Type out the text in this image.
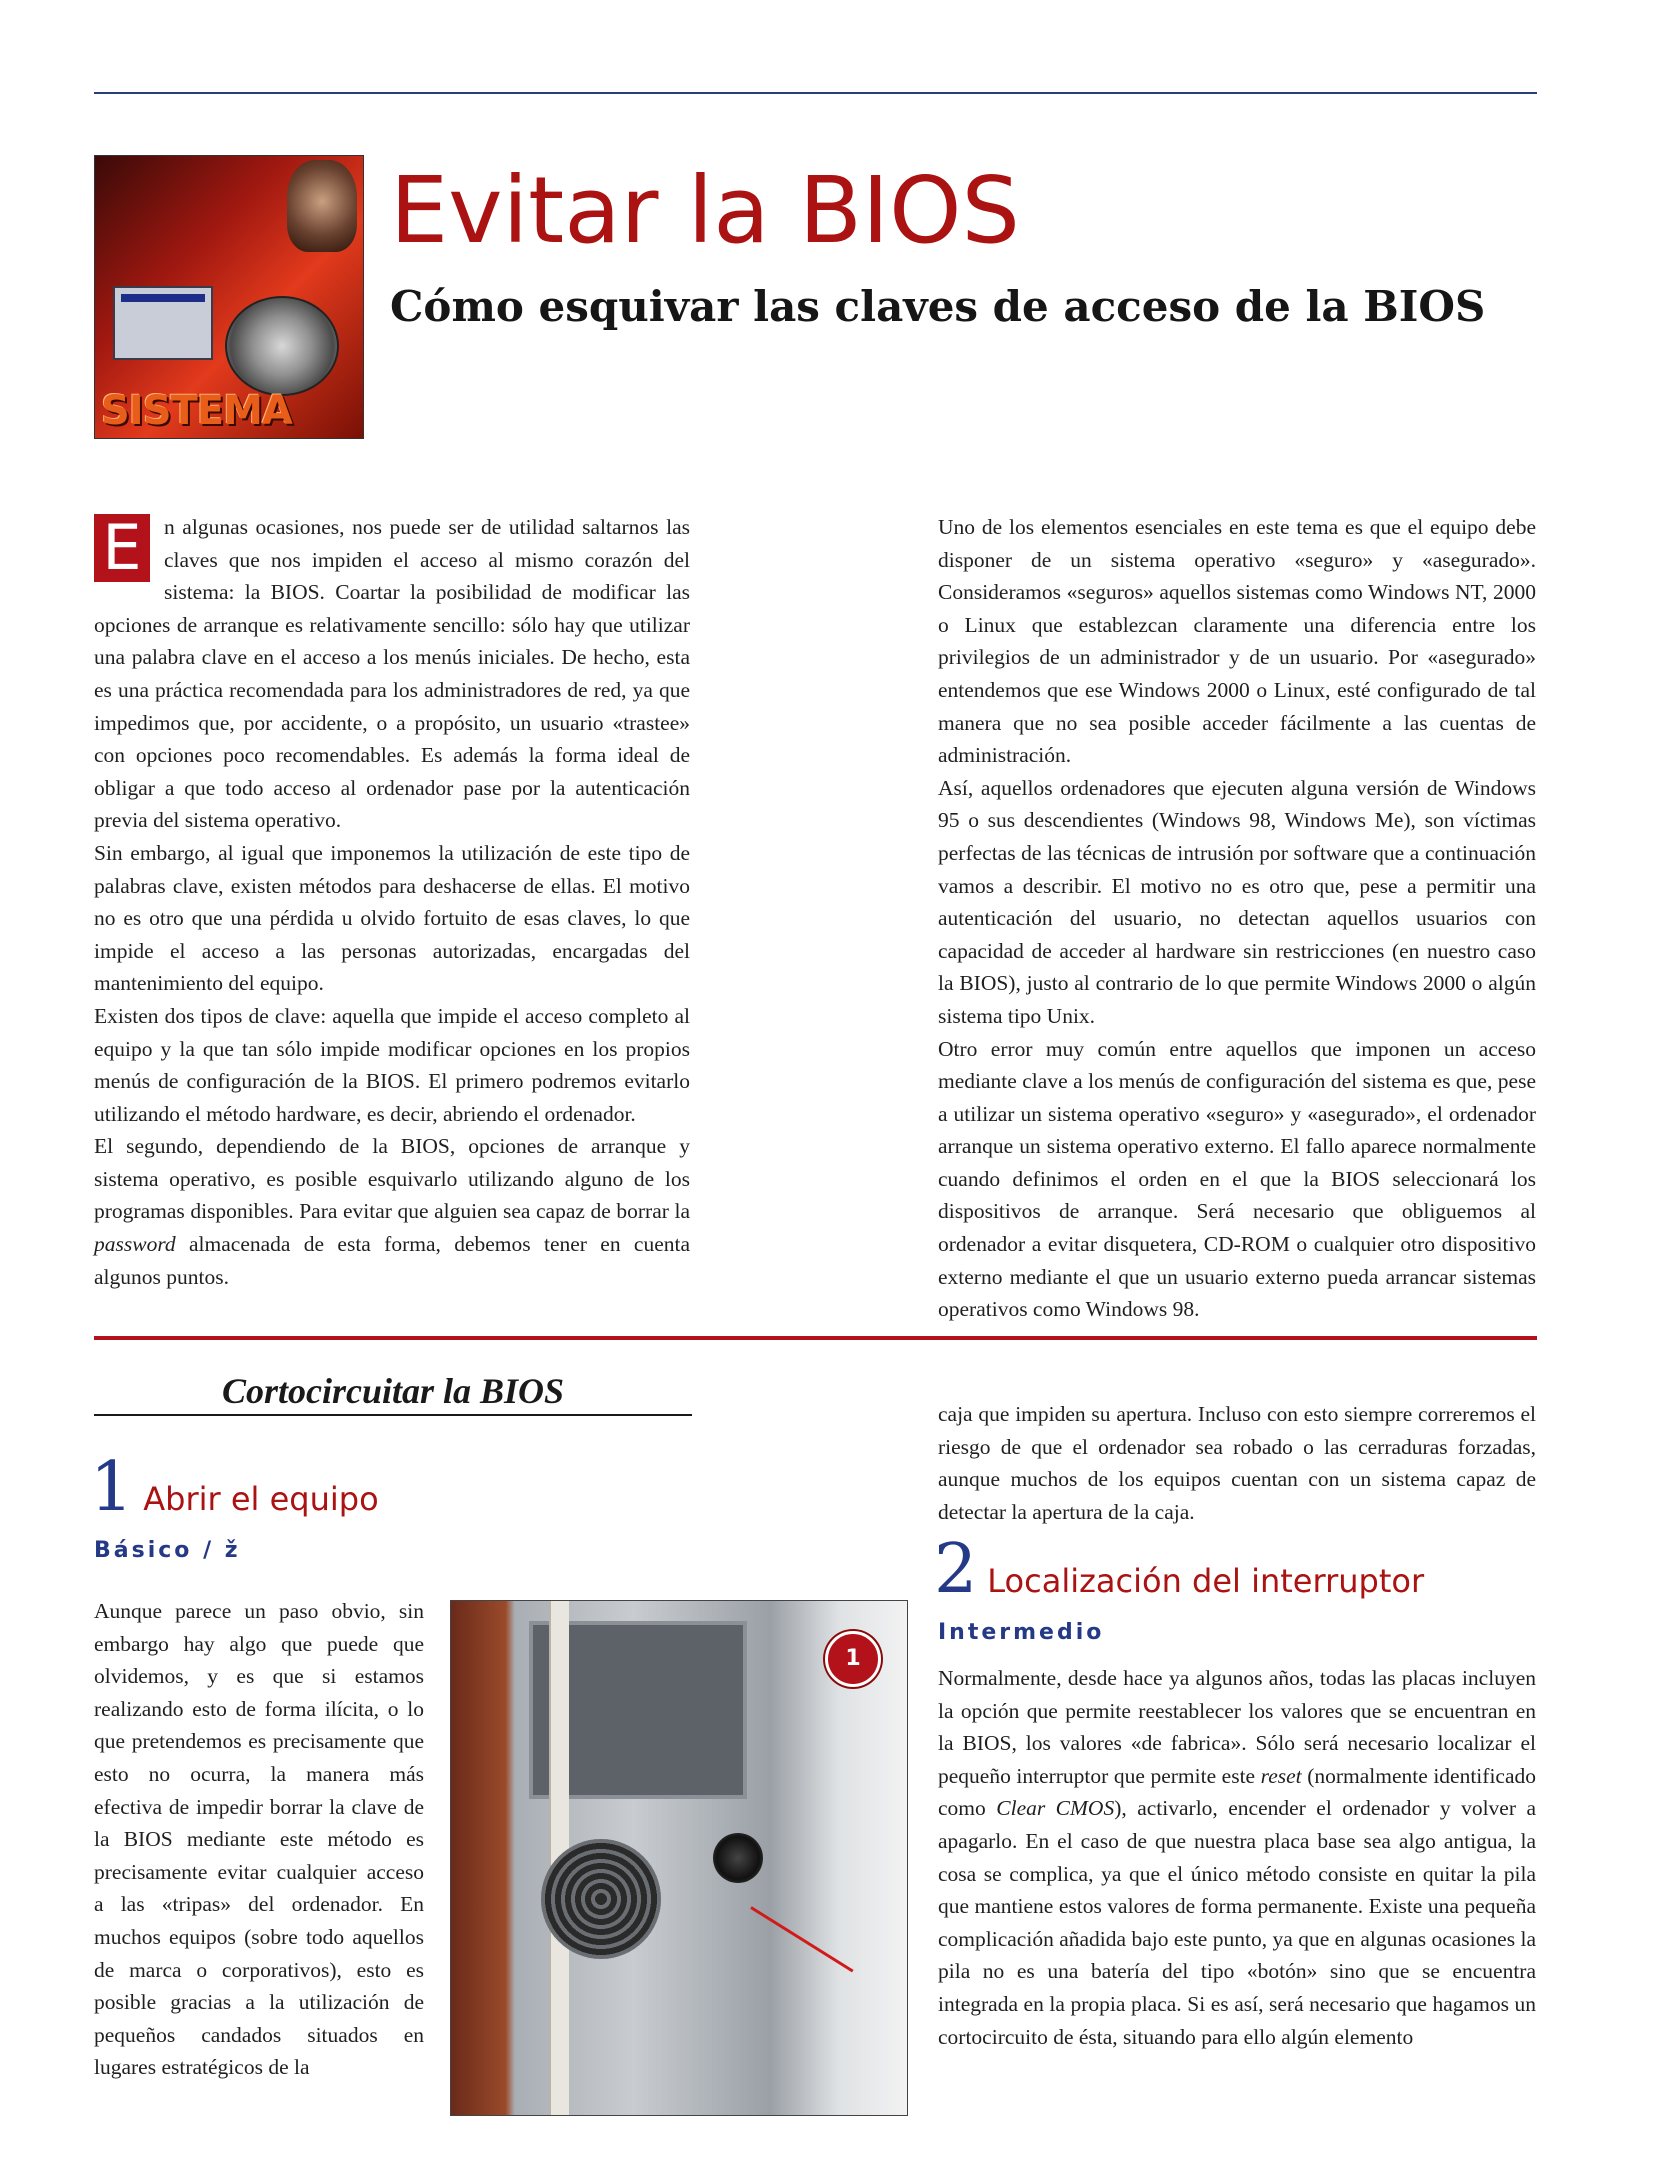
SISTEMA
Evitar la BIOS
Cómo esquivar las claves de acceso de la BIOS

E	n algunas ocasiones, nos puede ser de utilidad saltarnos las claves que nos impiden el acceso al mismo corazón del sistema: la BIOS. Coartar la posibilidad de modificar las opciones de arranque es relativamente sencillo: sólo hay que utilizar una palabra clave en el acceso a los menús iniciales. De hecho, esta es una práctica recomendada para los administradores de red, ya que impedimos que, por accidente, o a propósito, un usuario «trastee» con opciones poco recomendables. Es además la forma ideal de obligar a que todo acceso al ordenador pase por la autenticación previa del sistema operativo.

Sin embargo, al igual que imponemos la utilización de este tipo de palabras clave, existen métodos para deshacerse de ellas. El motivo no es otro que una pérdida u olvido fortuito de esas claves, lo que impide el acceso a las personas autorizadas, encargadas del mantenimiento del equipo.

Existen dos tipos de clave: aquella que impide el acceso completo al equipo y la que tan sólo impide modificar opciones en los propios menús de configuración de la BIOS. El primero podremos evitarlo utilizando el método hardware, es decir, abriendo el ordenador.

El segundo, dependiendo de la BIOS, opciones de arranque y sistema operativo, es posible esquivarlo utilizando alguno de los programas disponibles. Para evitar que alguien sea capaz de borrar la password almacenada de esta forma, debemos tener en cuenta algunos puntos.

Uno de los elementos esenciales en este tema es que el equipo debe disponer de un sistema operativo «seguro» y «asegurado». Consideramos «seguros» aquellos sistemas como Windows NT, 2000 o Linux que establezcan claramente una diferencia entre los privilegios de un administrador y de un usuario. Por «asegurado» entendemos que ese Windows 2000 o Linux, esté configurado de tal manera que no sea posible acceder fácilmente a las cuentas de administración.

Así, aquellos ordenadores que ejecuten alguna versión de Windows 95 o sus descendientes (Windows 98, Windows Me), son víctimas perfectas de las técnicas de intrusión por software que a continuación vamos a describir. El motivo no es otro que, pese a permitir una autenticación del usuario, no detectan aquellos usuarios con capacidad de acceder al hardware sin restricciones (en nuestro caso la BIOS), justo al contrario de lo que permite Windows 2000 o algún sistema tipo Unix.

Otro error muy común entre aquellos que imponen un acceso mediante clave a los menús de configuración del sistema es que, pese a utilizar un sistema operativo «seguro» y «asegurado», el ordenador arranque un sistema operativo externo. El fallo aparece normalmente cuando definimos el orden en el que la BIOS seleccionará los dispositivos de arranque. Será necesario que obliguemos al ordenador a evitar disquetera, CD-ROM o cualquier otro dispositivo externo mediante el que un usuario externo pueda arrancar sistemas operativos como Windows 98.

Cortocircuitar la BIOS
1 Abrir el equipo
Básico / ž

Aunque parece un paso obvio, sin embargo hay algo que puede que olvidemos, y es que si estamos realizando esto de forma ilícita, o lo que pretendemos es precisamente que esto no ocurra, la manera más efectiva de impedir borrar la clave de la BIOS mediante este método es precisamente evitar cualquier acceso a las «tripas» del ordenador. En muchos equipos (sobre todo aquellos de marca o corporativos), esto es posible gracias a la utilización de pequeños candados situados en lugares estratégicos de la

1

caja que impiden su apertura. Incluso con esto siempre correremos el riesgo de que el ordenador sea robado o las cerraduras forzadas, aunque muchos de los equipos cuentan con un sistema capaz de detectar la apertura de la caja.

2 Localización del interruptor
Intermedio

Normalmente, desde hace ya algunos años, todas las placas incluyen la opción que permite reestablecer los valores que se encuentran en la BIOS, los valores «de fabrica». Sólo será necesario localizar el pequeño interruptor que permite este reset (normalmente identificado como Clear CMOS), activarlo, encender el ordenador y volver a apagarlo. En el caso de que nuestra placa base sea algo antigua, la cosa se complica, ya que el único método consiste en quitar la pila que mantiene estos valores de forma permanente. Existe una pequeña complicación añadida bajo este punto, ya que en algunas ocasiones la pila no es una batería del tipo «botón» sino que se encuentra integrada en la propia placa. Si es así, será necesario que hagamos un cortocircuito de ésta, situando para ello algún elemento
